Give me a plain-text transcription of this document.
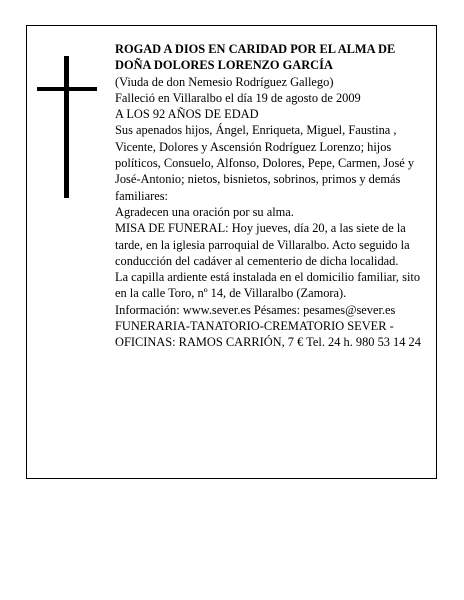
ROGAD A DIOS EN CARIDAD POR EL ALMA DE DOÑA DOLORES LORENZO GARCÍA

(Viuda de don Nemesio Rodríguez Gallego)

Falleció en Villaralbo el día 19 de agosto de 2009

A LOS 92 AÑOS DE EDAD

Sus apenados hijos, Ángel, Enriqueta, Miguel, Faustina , Vicente, Dolores y Ascensión Rodríguez Lorenzo; hijos políticos, Consuelo, Alfonso, Dolores, Pepe, Carmen, José y José-Antonio; nietos, bisnietos, sobrinos, primos y demás familiares:

Agradecen una oración por su alma.

MISA DE FUNERAL: Hoy jueves, día 20, a las siete de la tarde, en la iglesia parroquial de Villaralbo. Acto seguido la conducción del cadáver al cementerio de dicha localidad.

La capilla ardiente está instalada en el domicilio familiar, sito en la calle Toro, nº 14, de Villaralbo (Zamora).

Información: www.sever.es Pésames: pesames@sever.es

FUNERARIA-TANATORIO-CREMATORIO SEVER - OFICINAS: RAMOS CARRIÓN, 7 € Tel. 24 h. 980 53 14 24
